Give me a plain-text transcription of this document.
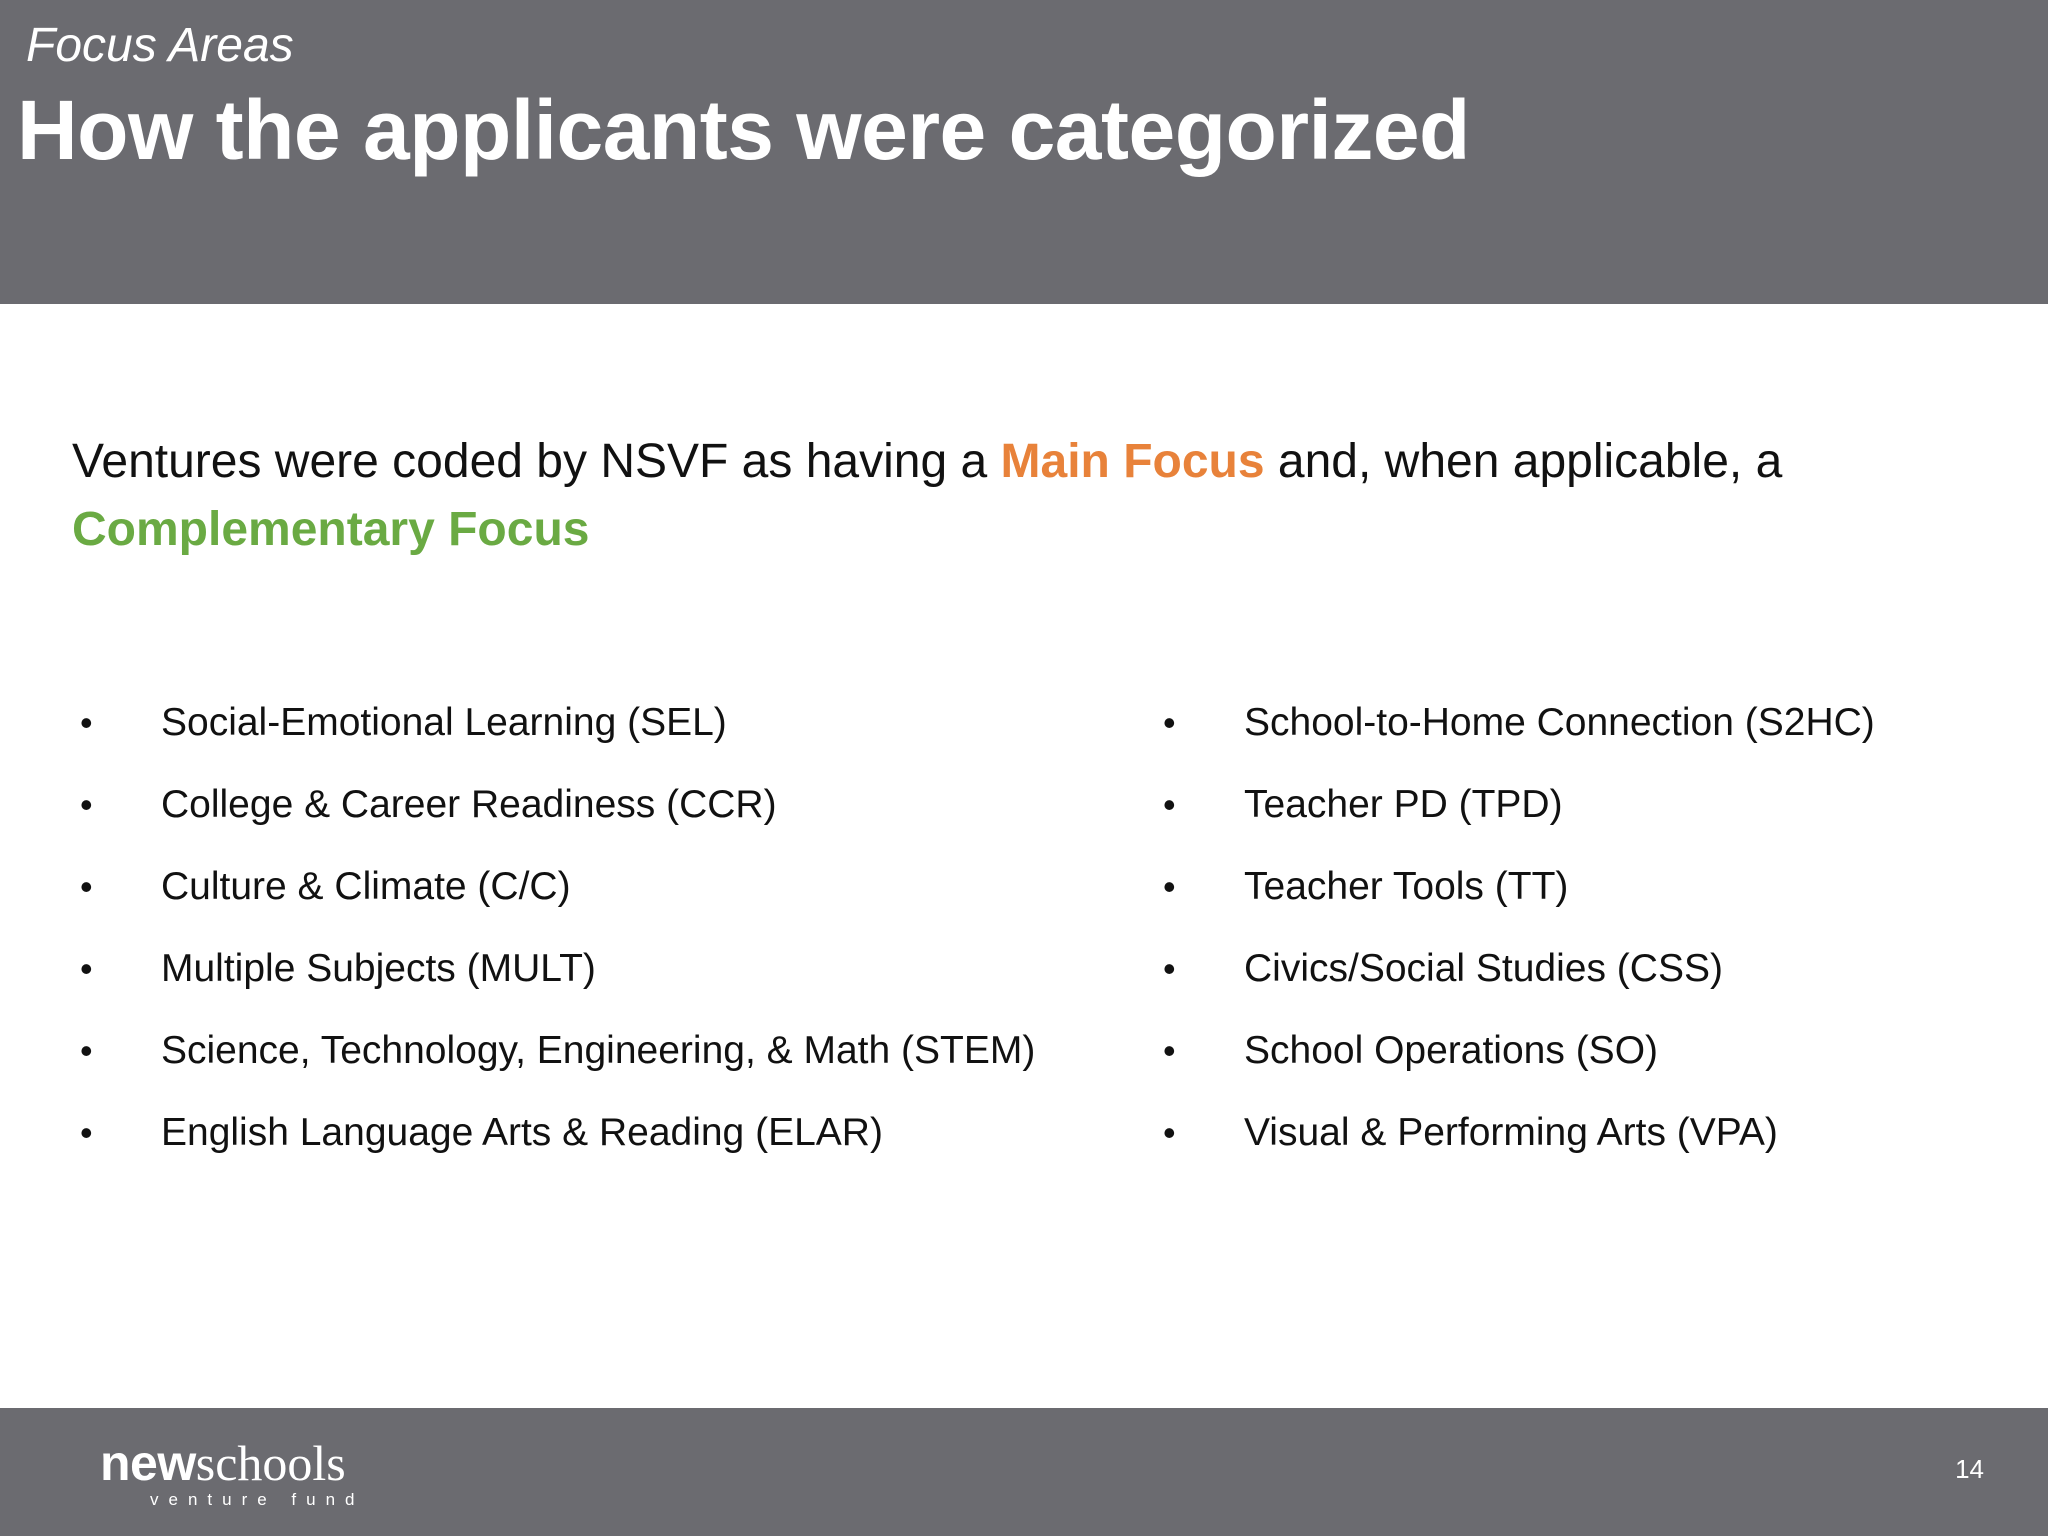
Focus Areas

How the applicants were categorized

Ventures were coded by NSVF as having a Main Focus and, when applicable, a
Complementary Focus

• Social-Emotional Learning (SEL)
• College & Career Readiness (CCR)
• Culture & Climate (C/C)
• Multiple Subjects (MULT)
• Science, Technology, Engineering, & Math (STEM)
• English Language Arts & Reading (ELAR)
• School-to-Home Connection (S2HC)
• Teacher PD (TPD)
• Teacher Tools (TT)
• Civics/Social Studies (CSS)
• School Operations (SO)
• Visual & Performing Arts (VPA)
newschools
venture fund
14
